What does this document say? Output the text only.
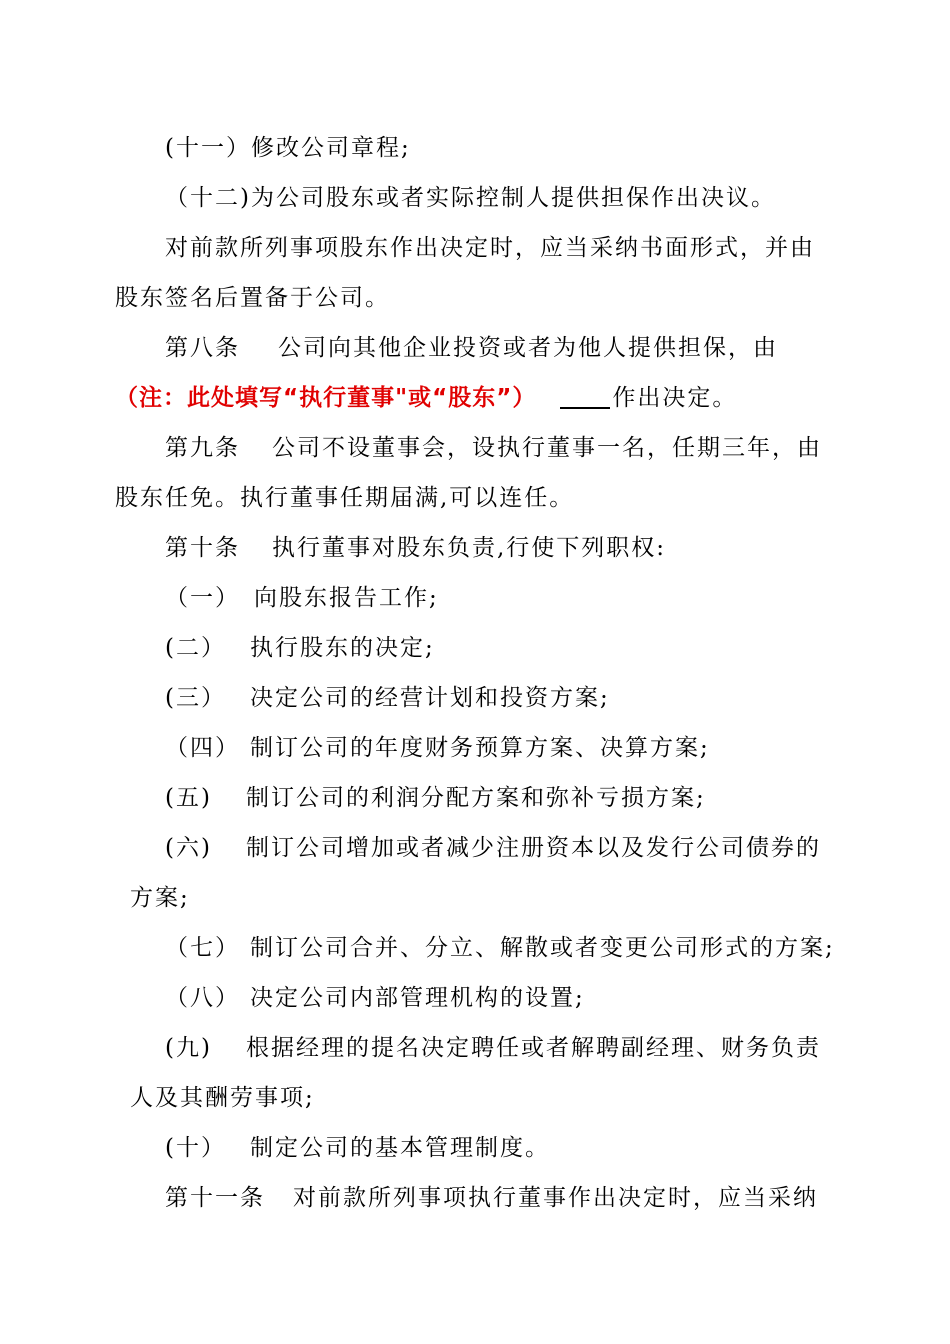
(十一）修改公司章程;
（十二)为公司股东或者实际控制人提供担保作出决议。
对前款所列事项股东作出决定时，应当采纳书面形式，并由
股东签名后置备于公司。
第八条 公司向其他企业投资或者为他人提供担保，由
（注：此处填写“执行董事"或“股东”）	作出决定。
第九条 公司不设董事会，设执行董事一名，任期三年，由
股东任免。执行董事任期届满,可以连任。
第十条 执行董事对股东负责,行使下列职权:
（一） 向股东报告工作;
(二） 执行股东的决定;
(三） 决定公司的经营计划和投资方案;
（四） 制订公司的年度财务预算方案、决算方案;
(五) 制订公司的利润分配方案和弥补亏损方案;
(六) 制订公司增加或者减少注册资本以及发行公司债券的
方案;
（七） 制订公司合并、分立、解散或者变更公司形式的方案;
（八） 决定公司内部管理机构的设置;
(九) 根据经理的提名决定聘任或者解聘副经理、财务负责
人及其酬劳事项;
(十） 制定公司的基本管理制度。
第十一条 对前款所列事项执行董事作出决定时，应当采纳
